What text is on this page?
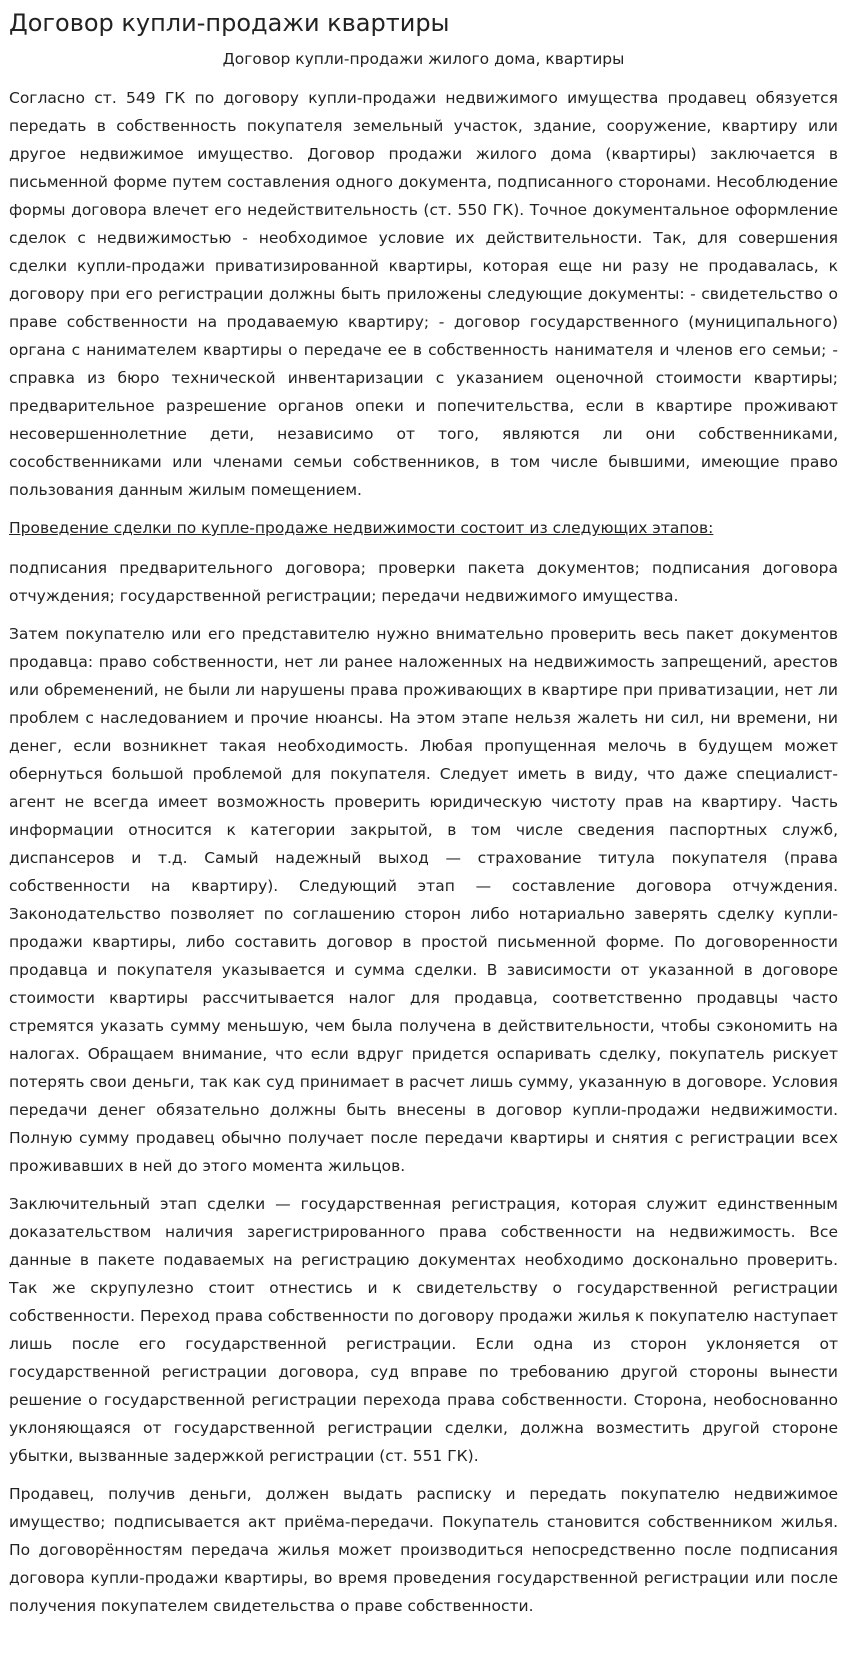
Договор купли-продажи квартиры
Договор купли-продажи жилого дома, квартиры

Согласно ст. 549 ГК по договору купли-продажи недвижимого имущества продавец обязуется передать в собственность покупателя земельный участок, здание, сооружение, квартиру или другое недвижимое имущество. Договор продажи жилого дома (квартиры) заключается в письменной форме путем составления одного документа, подписанного сторонами. Несоблюдение формы договора влечет его недействительность (ст. 550 ГК). Точное документальное оформление сделок с недвижимостью - необходимое условие их действительности. Так, для совершения сделки купли-продажи приватизированной квартиры, которая еще ни разу не продавалась, к договору при его регистрации должны быть приложены следующие документы: - свидетельство о праве собственности на продаваемую квартиру; - договор государственного (муниципального) органа с нанимателем квартиры о передаче ее в собственность нанимателя и членов его семьи; - справка из бюро технической инвентаризации с указанием оценочной стоимости квартиры; предварительное разрешение органов опеки и попечительства, если в квартире проживают несовершеннолетние дети, независимо от того, являются ли они собственниками, сособственниками или членами семьи собственников, в том числе бывшими, имеющие право пользования данным жилым помещением.

Проведение сделки по купле-продаже недвижимости состоит из следующих этапов:

подписания предварительного договора; проверки пакета документов; подписания договора отчуждения; государственной регистрации; передачи недвижимого имущества.

Затем покупателю или его представителю нужно внимательно проверить весь пакет документов продавца: право собственности, нет ли ранее наложенных на недвижимость запрещений, арестов или обременений, не были ли нарушены права проживающих в квартире при приватизации, нет ли проблем с наследованием и прочие нюансы. На этом этапе нельзя жалеть ни сил, ни времени, ни денег, если возникнет такая необходимость. Любая пропущенная мелочь в будущем может обернуться большой проблемой для покупателя. Следует иметь в виду, что даже специалист-агент не всегда имеет возможность проверить юридическую чистоту прав на квартиру. Часть информации относится к категории закрытой, в том числе сведения паспортных служб, диспансеров и т.д. Самый надежный выход — страхование титула покупателя (права собственности на квартиру). Следующий этап — составление договора отчуждения. Законодательство позволяет по соглашению сторон либо нотариально заверять сделку купли-продажи квартиры, либо составить договор в простой письменной форме. По договоренности продавца и покупателя указывается и сумма сделки. В зависимости от указанной в договоре стоимости квартиры рассчитывается налог для продавца, соответственно продавцы часто стремятся указать сумму меньшую, чем была получена в действительности, чтобы сэкономить на налогах. Обращаем внимание, что если вдруг придется оспаривать сделку, покупатель рискует потерять свои деньги, так как суд принимает в расчет лишь сумму, указанную в договоре. Условия передачи денег обязательно должны быть внесены в договор купли-продажи недвижимости. Полную сумму продавец обычно получает после передачи квартиры и снятия с регистрации всех проживавших в ней до этого момента жильцов.

Заключительный этап сделки — государственная регистрация, которая служит единственным доказательством наличия зарегистрированного права собственности на недвижимость. Все данные в пакете подаваемых на регистрацию документах необходимо досконально проверить. Так же скрупулезно стоит отнестись и к свидетельству о государственной регистрации собственности. Переход права собственности по договору продажи жилья к покупателю наступает лишь после его государственной регистрации. Если одна из сторон уклоняется от государственной регистрации договора, суд вправе по требованию другой стороны вынести решение о государственной регистрации перехода права собственности. Сторона, необоснованно уклоняющаяся от государственной регистрации сделки, должна возместить другой стороне убытки, вызванные задержкой регистрации (ст. 551 ГК).

Продавец, получив деньги, должен выдать расписку и передать покупателю недвижимое имущество; подписывается акт приёма-передачи. Покупатель становится собственником жилья. По договорённостям передача жилья может производиться непосредственно после подписания договора купли-продажи квартиры, во время проведения государственной регистрации или после получения покупателем свидетельства о праве собственности.
